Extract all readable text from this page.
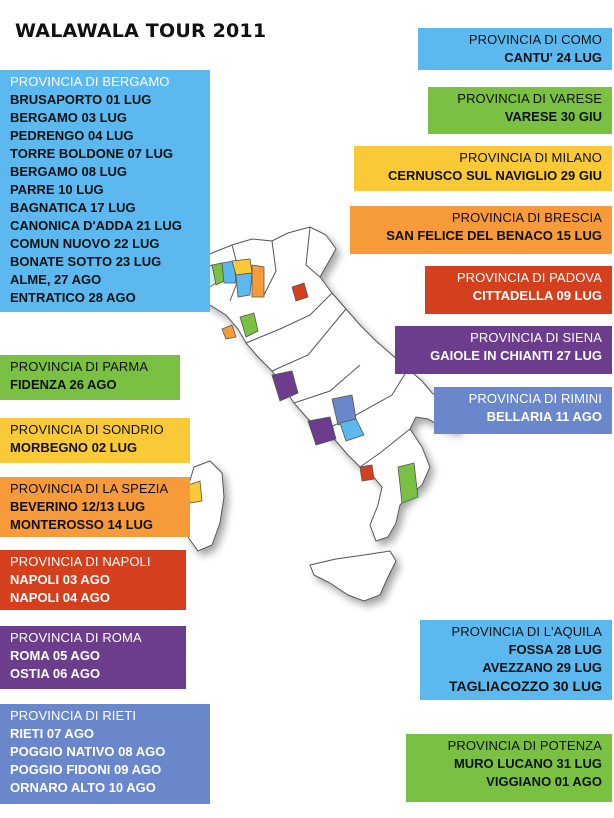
WALAWALA TOUR 2011
PROVINCIA DI BERGAMO
BRUSAPORTO 01 LUG
BERGAMO 03 LUG
PEDRENGO 04 LUG
TORRE BOLDONE 07 LUG
BERGAMO 08 LUG
PARRE 10 LUG
BAGNATICA 17 LUG
CANONICA D'ADDA 21 LUG
COMUN NUOVO 22 LUG
BONATE SOTTO 23 LUG
ALME, 27 AGO
ENTRATICO 28 AGO
PROVINCIA DI PARMA
FIDENZA 26 AGO
PROVINCIA DI SONDRIO
MORBEGNO 02 LUG
PROVINCIA DI LA SPEZIA
BEVERINO 12/13 LUG
MONTEROSSO 14 LUG
PROVINCIA DI NAPOLI
NAPOLI 03 AGO
NAPOLI 04 AGO
PROVINCIA DI ROMA
ROMA 05 AGO
OSTIA 06 AGO
PROVINCIA DI RIETI
RIETI 07 AGO
POGGIO NATIVO 08 AGO
POGGIO FIDONI 09 AGO
ORNARO ALTO 10 AGO
PROVINCIA DI COMO
CANTU' 24 LUG
PROVINCIA DI VARESE
VARESE 30 GIU
PROVINCIA DI MILANO
CERNUSCO SUL NAVIGLIO 29 GIU
PROVINCIA DI BRESCIA
SAN FELICE DEL BENACO 15 LUG
PROVINCIA DI PADOVA
CITTADELLA 09 LUG
PROVINCIA DI SIENA
GAIOLE IN CHIANTI 27 LUG
PROVINCIA DI RIMINI
BELLARIA 11 AGO
PROVINCIA DI L'AQUILA
FOSSA 28 LUG
AVEZZANO 29 LUG
TAGLIACOZZO 30 LUG
PROVINCIA DI POTENZA
MURO LUCANO 31 LUG
VIGGIANO 01 AGO
